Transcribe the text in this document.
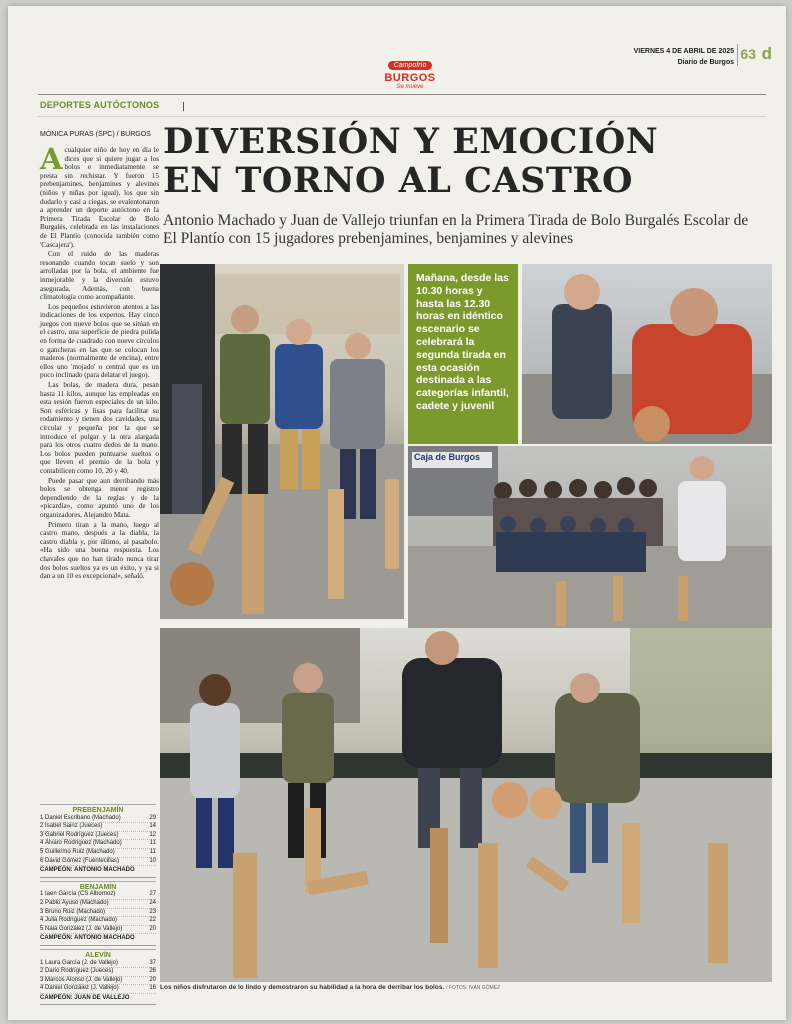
Campofrío
BURGOS
Se mueve
VIERNES 4 DE ABRIL DE 2025
Diario de Burgos
63 d
DEPORTES AUTÓCTONOS
MÓNICA PURAS (SPC) / BURGOS DIVERSIÓN Y EMOCIÓN
EN TORNO AL CASTRO
Antonio Machado y Juan de Vallejo triunfan en la Primera Tirada de Bolo Burgalés Escolar de El Plantío con 15 jugadores prebenjamines, benjamines y alevines

Acualquier niño de hoy en día le dices que si quiere jugar a los bolos e inmediatamente se presta sin rechistar. Y fueron 15 prebenjamines, benjamines y alevines (niños y niñas por igual), los que sin dudarlo y casi a ciegas, se evalentonaron a aprender un deporte autóctono en la Primera Tirada Escolar de Bolo Burgalés, celebrada en las instalaciones de El Plantío (conocida también como 'Cascajera').

Con el ruido de las maderas resonando cuando tocan suelo y son arrolladas por la bola, el ambiente fue inmejorable y la diversión estuvo asegurada. Además, con buena climatología como acompañante.

Los pequeños estuvieron atentos a las indicaciones de los expertos. Hay cinco juegos con nueve bolos que se sitúan en el castro, una superficie de piedra pulida en forma de cuadrado con nueve círculos o gancheras en las que se colocan los maderos (normalmente de encina), entre ellos uno 'mojado' o central que es un poco inclinado (para delatar el juego).

Las bolas, de madera dura, pesan hasta 11 kilos, aunque las empleadas en esta sesión fueron especiales de un kilo. Son esféricas y lisas para facilitar su rodamiento y tienen dos cavidades, una circular y pequeña por la que se introduce el pulgar y la otra alargada para los otros cuatro dedos de la mano. Los bolos pueden puntuarse sueltos o que lleven el premio de la bola y contabilicen como 10, 20 y 40.

Puede pasar que aun derribando más bolos se obtenga menor registro dependiendo de la reglas y de la «picardía», como apuntó uno de los organizadores, Alejandro Mata.

Primero tiran a la mano, luego al castro mano, después a la diabla, la castro diabla y, por último, al pasabolo. «Ha sido una buena respuesta. Los chavales que no han tirado nunca tirar dos bolos sueltos ya es un éxito, y ya si dan a un 10 es excepcional», señaló.

PREBENJAMÍN
1 Daniel Escribano (Machado)	29
2 Isabel Sainz (Jueces)	14
3 Gabriel Rodríguez (Jueces)	12
4 Álvaro Rodríguez (Machado)	11
5 Guillermo Ruiz (Machado)	11
6 David Gómez (Fuentecillas)	10
CAMPEÓN: ANTONIO MACHADO
BENJAMÍN
1 Iaen García (CS Albornoz)	27
2 Pablo Ayuso (Machado)	24
3 Bruno Ruiz (Machado)	23
4 Julia Rodríguez (Machado)	22
5 Naia González (J. de Vallejo)	20
CAMPEÓN: ANTONIO MACHADO
ALEVÍN
1 Laura García (J. de Vallejo)	37
2 Dario Rodríguez (Jueces)	26
3 Marcos Alonso (J. de Vallejo)	20
4 Daniel González (J. Vallejo)	16
CAMPEÓN: JUAN DE VALLEJO
Mañana, desde las 10.30 horas y hasta las 12.30 horas en idéntico escenario se celebrará la segunda tirada en esta ocasión destinada a las categorías infantil, cadete y juvenil
Caja de Burgos
Los niños disfrutaron de lo lindo y demostraron su habilidad a la hora de derribar los bolos. / FOTOS: IVÁN GÓMEZ
